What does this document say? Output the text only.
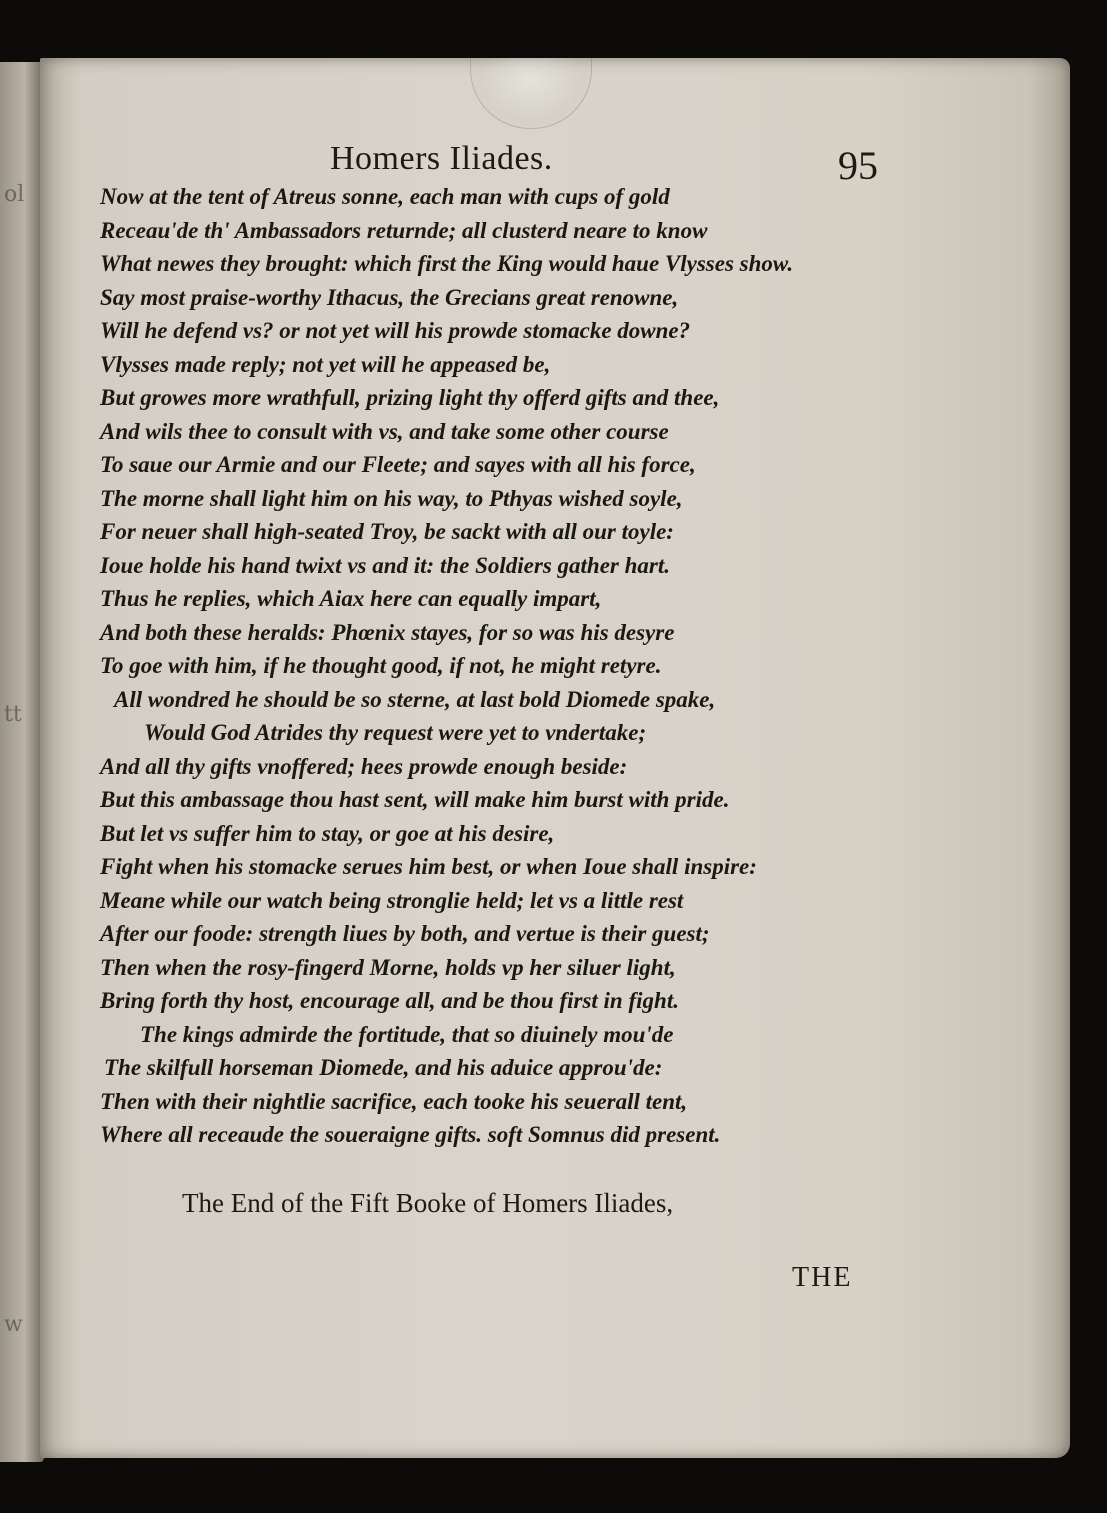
ol
tt
w
Homers Iliades.	95
Now at the tent of Atreus sonne, each man with cups of gold
Receau'de th' Ambassadors returnde; all clusterd neare to know
What newes they brought: which first the King would haue Vlysses show.
Say most praise-worthy Ithacus, the Grecians great renowne,
Will he defend vs? or not yet will his prowde stomacke downe?
Vlysses made reply; not yet will he appeased be,
But growes more wrathfull, prizing light thy offerd gifts and thee,
And wils thee to consult with vs, and take some other course
To saue our Armie and our Fleete; and sayes with all his force,
The morne shall light him on his way, to Pthyas wished soyle,
For neuer shall high-seated Troy, be sackt with all our toyle:
Ioue holde his hand twixt vs and it: the Soldiers gather hart.
Thus he replies, which Aiax here can equally impart,
And both these heralds: Phœnix stayes, for so was his desyre
To goe with him, if he thought good, if not, he might retyre.
All wondred he should be so sterne, at last bold Diomede spake,
Would God Atrides thy request were yet to vndertake;
And all thy gifts vnoffered; hees prowde enough beside:
But this ambassage thou hast sent, will make him burst with pride.
But let vs suffer him to stay, or goe at his desire,
Fight when his stomacke serues him best, or when Ioue shall inspire:
Meane while our watch being stronglie held; let vs a little rest
After our foode: strength liues by both, and vertue is their guest;
Then when the rosy-fingerd Morne, holds vp her siluer light,
Bring forth thy host, encourage all, and be thou first in fight.
The kings admirde the fortitude, that so diuinely mou'de
The skilfull horseman Diomede, and his aduice approu'de:
Then with their nightlie sacrifice, each tooke his seuerall tent,
Where all receaude the soueraigne gifts. soft Somnus did present.

The End of the Fift Booke of Homers Iliades,

THE
